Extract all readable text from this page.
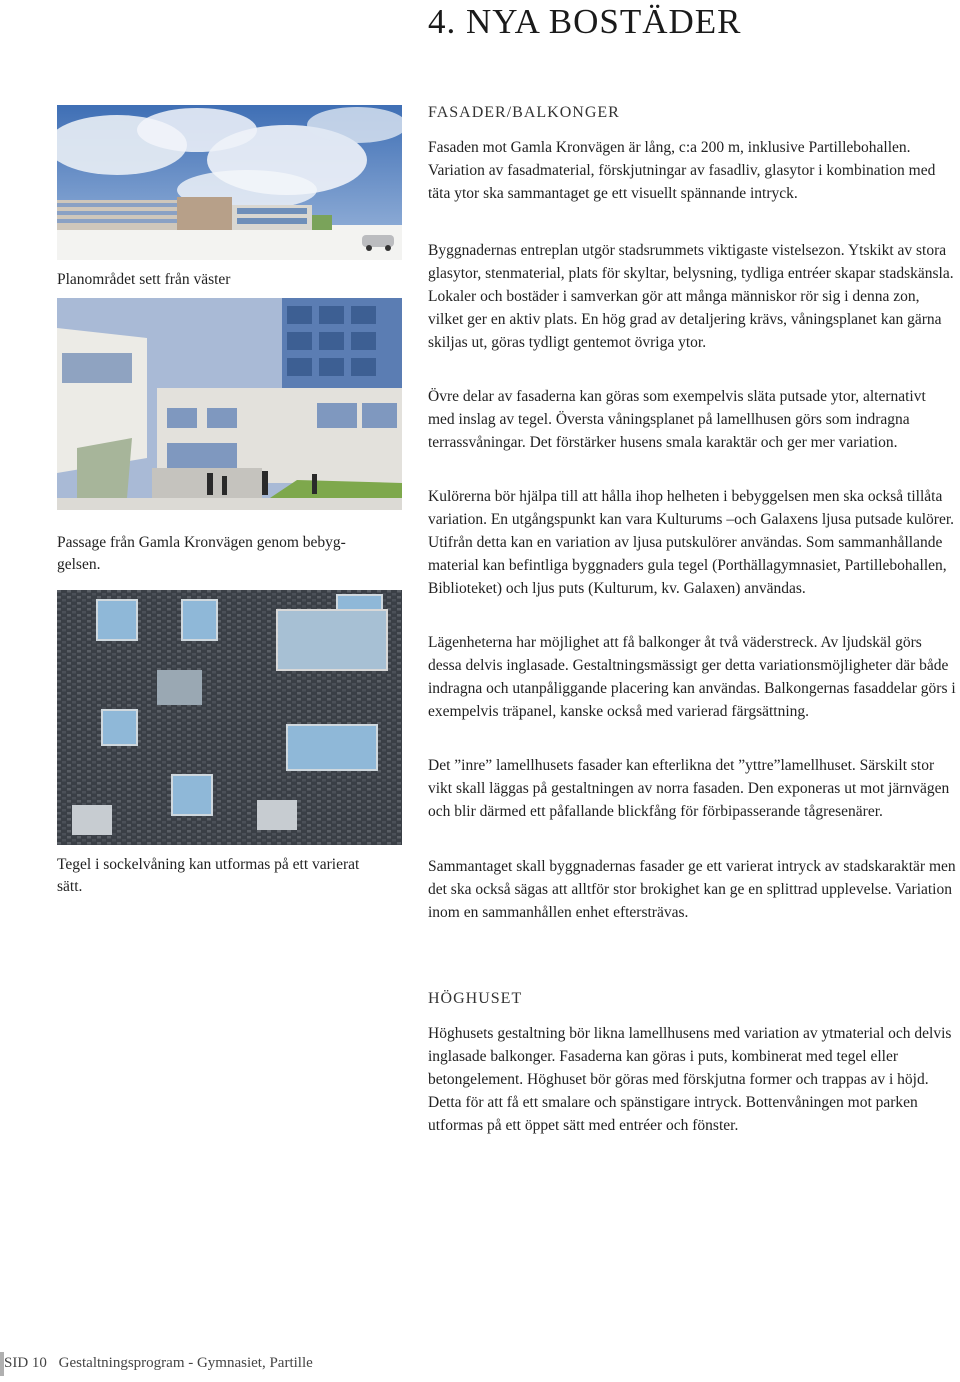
4. NYA BOSTÄDER
Planområdet sett från väster
Passage från Gamla Kronvägen genom bebyg-gelsen.
Tegel i sockelvåning kan utformas på ett varierat sätt.
FASADER/BALKONGER

Fasaden mot Gamla Kronvägen är lång, c:a 200 m, inklusive Partillebohallen. Variation av fasadmaterial, förskjutningar av fasadliv, glasytor i kombination med täta ytor ska sammantaget ge ett visuellt spännande intryck.

Byggnadernas entreplan utgör stadsrummets viktigaste vistelsezon. Ytskikt av stora glasytor, stenmaterial, plats för skyltar, belysning, tydliga entréer skapar stadskänsla. Lokaler och bostäder i samverkan gör att många människor rör sig i denna zon, vilket ger en aktiv plats. En hög grad av detaljering krävs, våningsplanet kan gärna skiljas ut, göras tydligt gentemot övriga ytor.

Övre delar av fasaderna kan göras som exempelvis släta putsade ytor, alternativt med inslag av tegel. Översta våningsplanet på lamellhusen görs som indragna terrassvåningar. Det förstärker husens smala karaktär och ger mer variation.

Kulörerna bör hjälpa till att hålla ihop helheten i bebyggelsen men ska också tillåta variation. En utgångspunkt kan vara Kulturums –och Galaxens ljusa putsade kulörer. Utifrån detta kan en variation av ljusa putskulörer användas. Som sammanhållande material kan befintliga byggnaders gula tegel (Porthällagymnasiet, Partillebohallen, Biblioteket) och ljus puts (Kulturum, kv. Galaxen) användas.

Lägenheterna har möjlighet att få balkonger åt två väderstreck. Av ljudskäl görs dessa delvis inglasade. Gestaltningsmässigt ger detta variationsmöjligheter där både indragna och utanpåliggande placering kan användas. Balkongernas fasaddelar görs i exempelvis träpanel, kanske också med varierad färgsättning.

Det ”inre” lamellhusets fasader kan efterlikna det ”yttre”lamellhuset. Särskilt stor vikt skall läggas på gestaltningen av norra fasaden. Den exponeras ut mot järnvägen och blir därmed ett påfallande blickfång för förbipasserande tågresenärer.

Sammantaget skall byggnadernas fasader ge ett varierat intryck av stadskaraktär men det ska också sägas att alltför stor brokighet kan ge en splittrad upplevelse. Variation inom en sammanhållen enhet eftersträvas.

HÖGHUSET

Höghusets gestaltning bör likna lamellhusens med variation av ytmaterial och delvis inglasade balkonger. Fasaderna kan göras i puts, kombinerat med tegel eller betongelement. Höghuset bör göras med förskjutna former och trappas av i höjd. Detta för att få ett smalare och spänstigare intryck. Bottenvåningen mot parken utformas på ett öppet sätt med entréer och fönster.

SID 10 Gestaltningsprogram - Gymnasiet, Partille
